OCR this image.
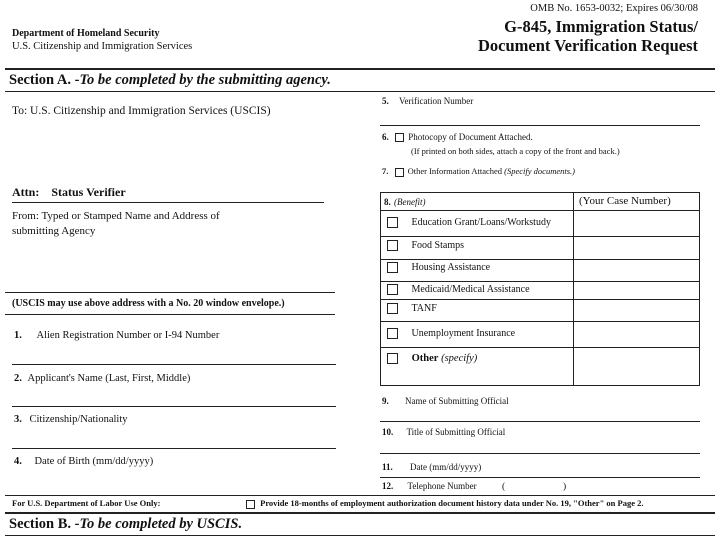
Department of Homeland Security
U.S. Citizenship and Immigration Services
OMB No. 1653-0032; Expires 06/30/08
G-845, Immigration Status/
Document Verification Request
Section A. -To be completed by the submitting agency.
To: U.S. Citizenship and Immigration Services (USCIS)
Attn: Status Verifier
From: Typed or Stamped Name and Address of
submitting Agency
(USCIS may use above address with a No. 20 window envelope.)
1. Alien Registration Number or I-94 Number
2. Applicant's Name (Last, First, Middle)
3. Citizenship/Nationality
4. Date of Birth (mm/dd/yyyy)
5. Verification Number
6. Photocopy of Document Attached.
(If printed on both sides, attach a copy of the front and back.)
7. Other Information Attached (Specify documents.)
8. (Benefit)	(Your Case Number)
Education Grant/Loans/Workstudy
Food Stamps
Housing Assistance
Medicaid/Medical Assistance
TANF
Unemployment Insurance
Other (specify)
9. Name of Submitting Official
10. Title of Submitting Official
11. Date (mm/dd/yyyy)
12. Telephone Number	(	)
For U.S. Department of Labor Use Only:	Provide 18-months of employment authorization document history data under No. 19, "Other" on Page 2.
Section B. -To be completed by USCIS.
